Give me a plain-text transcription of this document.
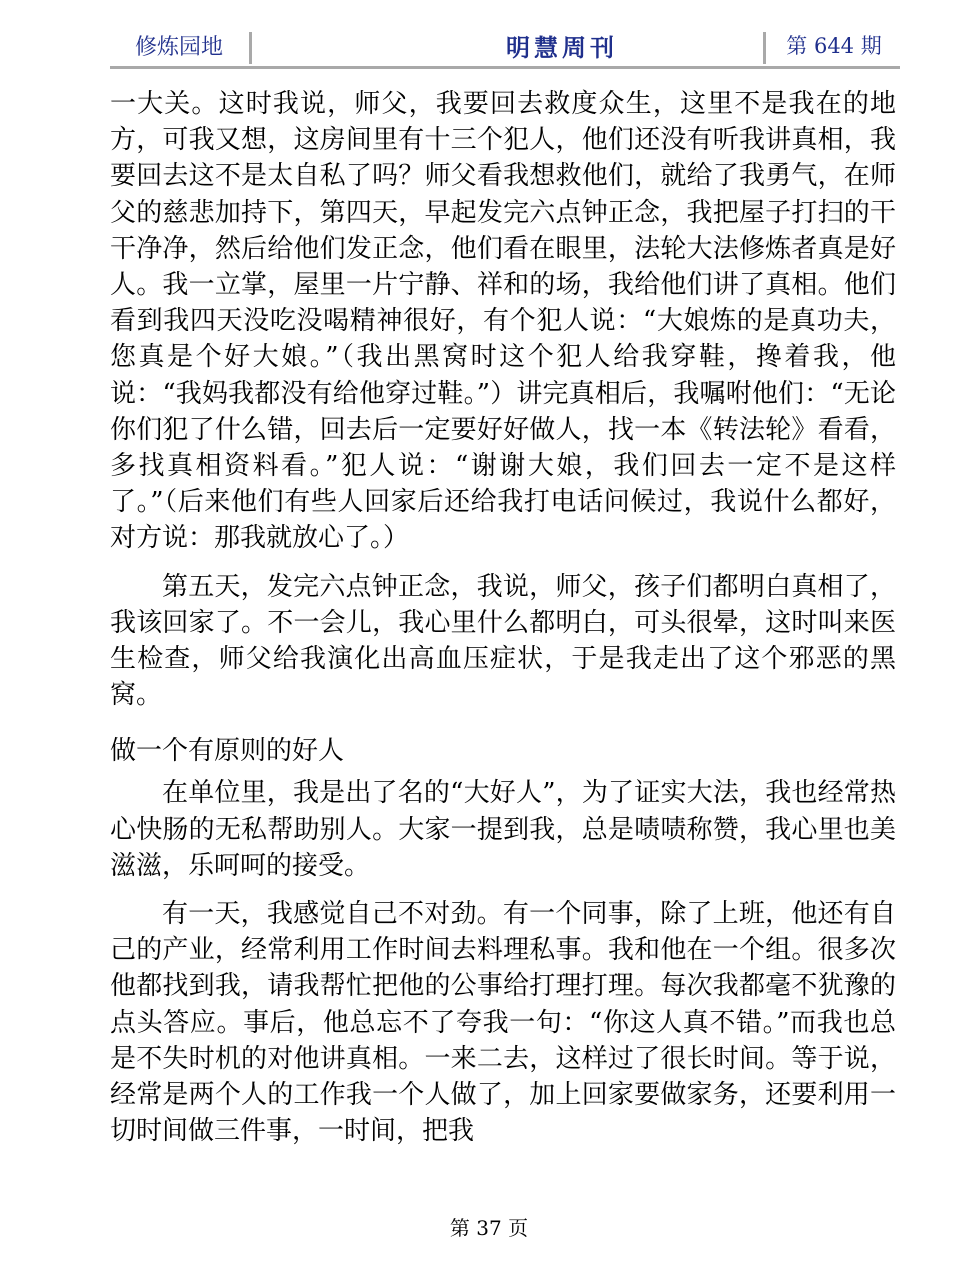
修炼园地	明慧周刊	第 644 期

一大关。这时我说，师父，我要回去救度众生，这里不是我在的地方，可我又想，这房间里有十三个犯人，他们还没有听我讲真相，我要回去这不是太自私了吗？师父看我想救他们，就给了我勇气，在师父的慈悲加持下，第四天，早起发完六点钟正念，我把屋子打扫的干干净净，然后给他们发正念，他们看在眼里，法轮大法修炼者真是好人。我一立掌，屋里一片宁静、祥和的场，我给他们讲了真相。他们看到我四天没吃没喝精神很好，有个犯人说：“大娘炼的是真功夫，您真是个好大娘。”（我出黑窝时这个犯人给我穿鞋，搀着我，他说：“我妈我都没有给他穿过鞋。”）讲完真相后，我嘱咐他们：“无论你们犯了什么错，回去后一定要好好做人，找一本《转法轮》看看，多找真相资料看。”犯人说：“谢谢大娘，我们回去一定不是这样了。”（后来他们有些人回家后还给我打电话问候过，我说什么都好，对方说：那我就放心了。）

第五天，发完六点钟正念，我说，师父，孩子们都明白真相了，我该回家了。不一会儿，我心里什么都明白，可头很晕，这时叫来医生检查，师父给我演化出高血压症状，于是我走出了这个邪恶的黑窝。

做一个有原则的好人

在单位里，我是出了名的“大好人”，为了证实大法，我也经常热心快肠的无私帮助别人。大家一提到我，总是啧啧称赞，我心里也美滋滋，乐呵呵的接受。

有一天，我感觉自己不对劲。有一个同事，除了上班，他还有自己的产业，经常利用工作时间去料理私事。我和他在一个组。很多次他都找到我，请我帮忙把他的公事给打理打理。每次我都毫不犹豫的点头答应。事后，他总忘不了夸我一句：“你这人真不错。”而我也总是不失时机的对他讲真相。一来二去，这样过了很长时间。等于说，经常是两个人的工作我一个人做了，加上回家要做家务，还要利用一切时间做三件事，一时间，把我

第 37 页
